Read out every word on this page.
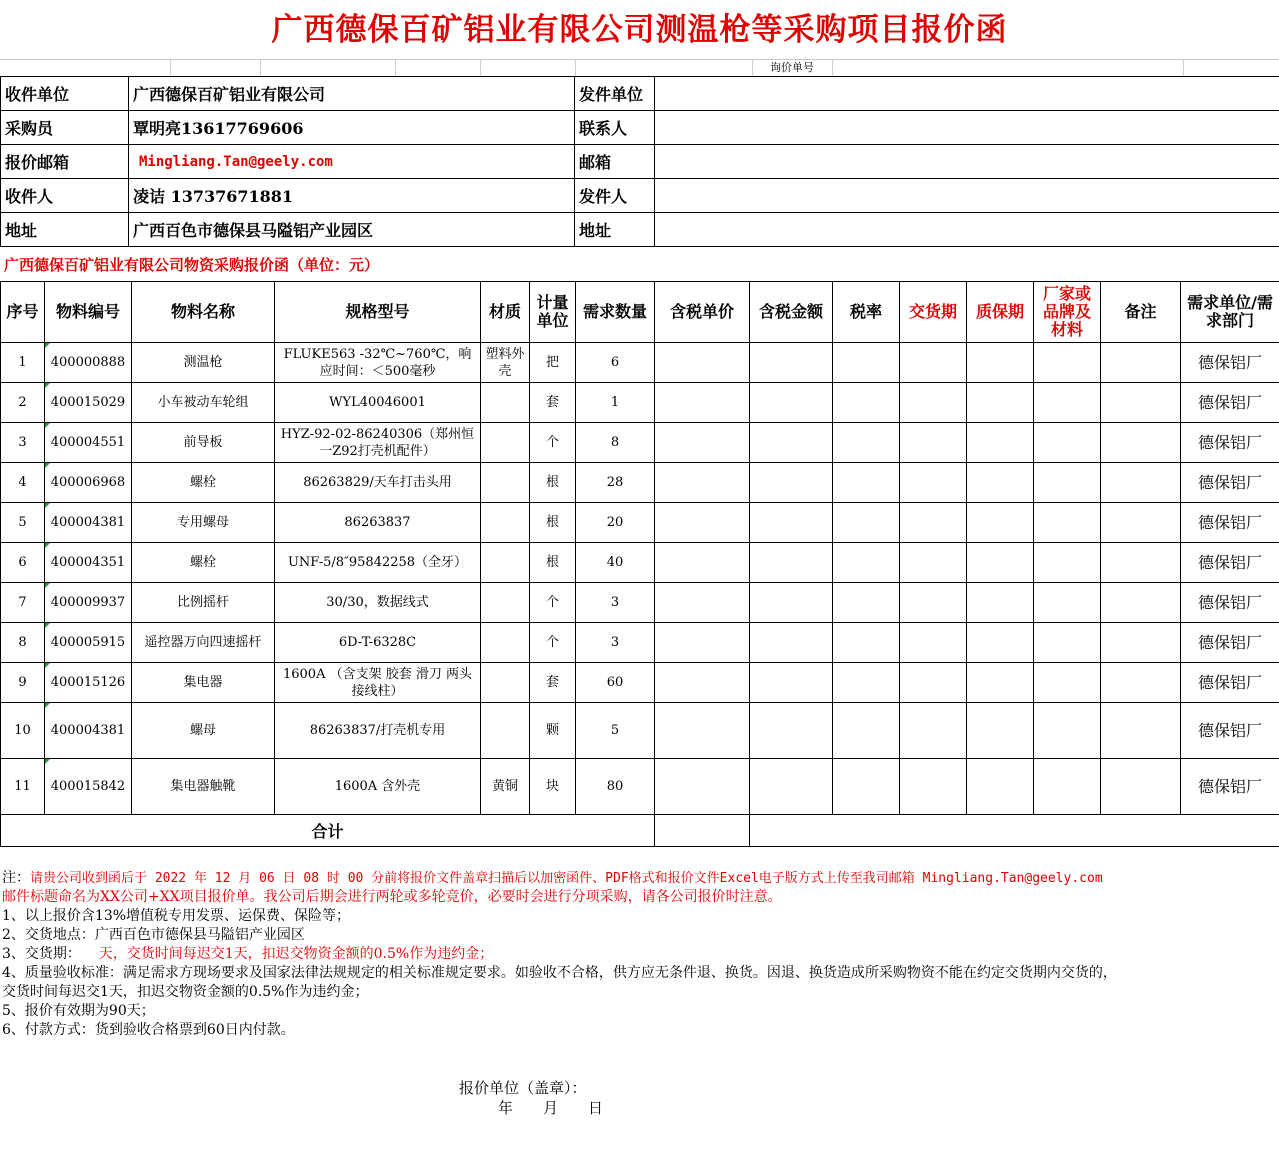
广西德保百矿铝业有限公司测温枪等采购项目报价函
询价单号
收件单位	广西德保百矿铝业有限公司	发件单位	
采购员	覃明亮13617769606	联系人	
报价邮箱	Mingliang.Tan@geely.com	邮箱	
收件人	凌诘 13737671881	发件人	
地址	广西百色市德保县马隘铝产业园区	地址	
广西德保百矿铝业有限公司物资采购报价函（单位：元）
序号	物料编号	物料名称	规格型号	材质	计量单位	需求数量	含税单价	含税金额	税率	交货期	质保期	厂家或品牌及材料	备注	需求单位/需求部门
1	400000888	测温枪	FLUKE563 -32℃~760℃，响应时间：＜500毫秒	塑料外壳	把	6								德保铝厂
2	400015029	小车被动车轮组	WYL40046001		套	1								德保铝厂
3	400004551	前导板	HYZ-92-02-86240306（郑州恒一Z92打壳机配件）		个	8								德保铝厂
4	400006968	螺栓	86263829/天车打击头用		根	28								德保铝厂
5	400004381	专用螺母	86263837		根	20								德保铝厂
6	400004351	螺栓	UNF-5/8″95842258（全牙）		根	40								德保铝厂
7	400009937	比例摇杆	30/30，数据线式		个	3								德保铝厂
8	400005915	遥控器万向四速摇杆	6D-T-6328C		个	3								德保铝厂
9	400015126	集电器	1600A （含支架 胶套 滑刀 两头接线柱）		套	60								德保铝厂
10	400004381	螺母	86263837/打壳机专用		颗	5								德保铝厂
11	400015842	集电器触靴	1600A 含外壳	黄铜	块	80								德保铝厂
合计														
注：请贵公司收到函后于 2022 年 12 月 06 日 08 时 00 分前将报价文件盖章扫描后以加密函件、PDF格式和报价文件Excel电子版方式上传至我司邮箱 Mingliang.Tan@geely.com
邮件标题命名为XX公司+XX项目报价单。我公司后期会进行两轮或多轮竞价，必要时会进行分项采购，请各公司报价时注意。
1、以上报价含13%增值税专用发票、运保费、保险等；
2、交货地点：广西百色市德保县马隘铝产业园区
3、交货期：    天，交货时间每迟交1天，扣迟交物资金额的0.5%作为违约金；
4、质量验收标准：满足需求方现场要求及国家法律法规规定的相关标准规定要求。如验收不合格，供方应无条件退、换货。因退、换货造成所采购物资不能在约定交货期内交货的，
交货时间每迟交1天，扣迟交物资金额的0.5%作为违约金；
5、报价有效期为90天；
6、付款方式：货到验收合格票到60日内付款。
报价单位（盖章）：
年 月 日
